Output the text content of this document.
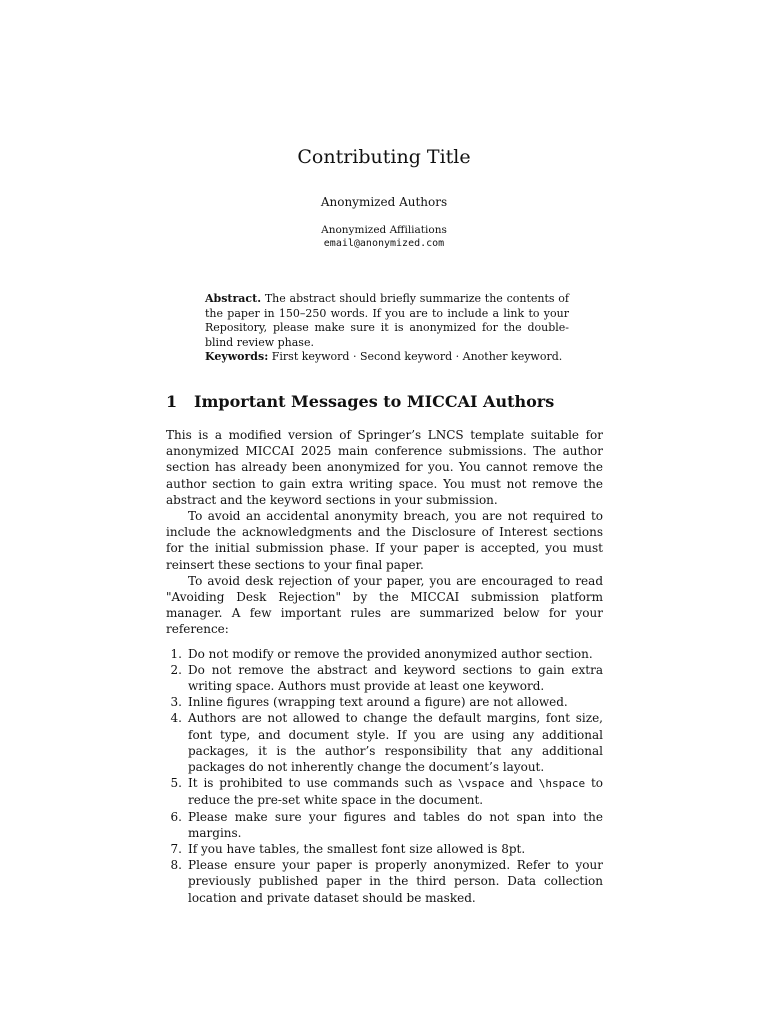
Contributing Title
Anonymized Authors
Anonymized Affiliations
email@anonymized.com
Abstract. The abstract should briefly summarize the contents of the paper in 150–250 words. If you are to include a link to your Repository, please make sure it is anonymized for the double-blind review phase.
Keywords: First keyword · Second keyword · Another keyword.
1 Important Messages to MICCAI Authors

This is a modified version of Springer’s LNCS template suitable for anonymized MICCAI 2025 main conference submissions. The author section has already been anonymized for you. You cannot remove the author section to gain extra writing space. You must not remove the abstract and the keyword sections in your submission.

To avoid an accidental anonymity breach, you are not required to include the acknowledgments and the Disclosure of Interest sections for the initial submission phase. If your paper is accepted, you must reinsert these sections to your final paper.

To avoid desk rejection of your paper, you are encouraged to read "Avoiding Desk Rejection" by the MICCAI submission platform manager. A few important rules are summarized below for your reference:

1. Do not modify or remove the provided anonymized author section.
2. Do not remove the abstract and keyword sections to gain extra writing space. Authors must provide at least one keyword.
3. Inline figures (wrapping text around a figure) are not allowed.
4. Authors are not allowed to change the default margins, font size, font type, and document style. If you are using any additional packages, it is the author’s responsibility that any additional packages do not inherently change the document’s layout.
5. It is prohibited to use commands such as \vspace and \hspace to reduce the pre-set white space in the document.
6. Please make sure your figures and tables do not span into the margins.
7. If you have tables, the smallest font size allowed is 8pt.
8. Please ensure your paper is properly anonymized. Refer to your previously published paper in the third person. Data collection location and private dataset should be masked.
